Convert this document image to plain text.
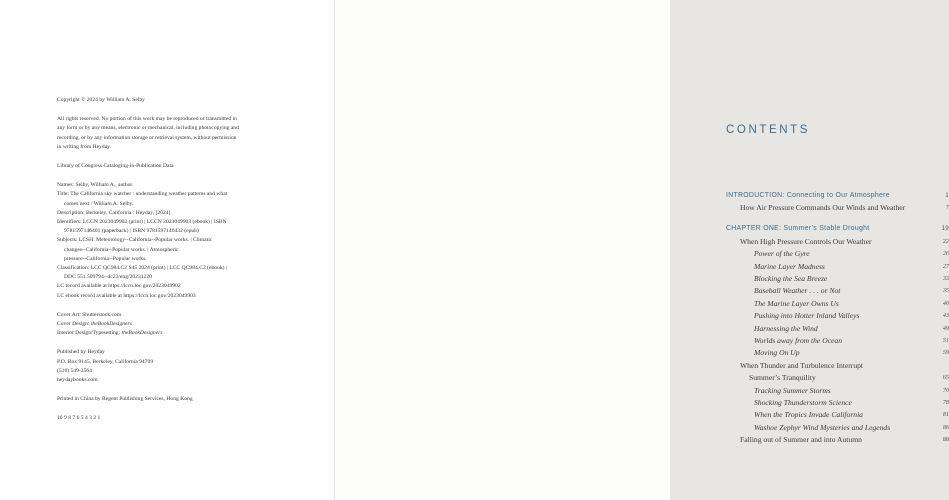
Copyright © 2024 by William A. Selby

All rights reserved. No portion of this work may be reproduced or transmitted in

any form or by any means, electronic or mechanical, including photocopying and

recording, or by any information storage or retrieval system, without permission

in writing from Heyday.

Library of Congress Cataloging-in-Publication Data

Names: Selby, William A., author.

Title: The California sky watcher : understanding weather patterns and what

comes next / William A. Selby.

Description: Berkeley, California : Heyday, [2024]

Identifiers: LCCN 2023049902 (print) | LCCN 2023049903 (ebook) | ISBN

9781597146401 (paperback) | ISBN 9781597146432 (epub)

Subjects: LCSH: Meteorology--California--Popular works. | Climatic

changes--California--Popular works. | Atmospheric

pressure--California--Popular works.

Classification: LCC QC984.C2 S45 2024 (print) | LCC QC984.C2 (ebook) |

DDC 551.509794--dc23/eng/20231220

LC record available at https://lccn.loc.gov/2023049902

LC ebook record available at https://lccn.loc.gov/2023049903

Cover Art: Shutterstock.com

Cover Design: theBookDesigners

Interior Design/Typesetting: theBookDesigners

Published by Heyday

P.O. Box 9145, Berkeley, California 94709

(510) 549-3564

heydaybooks.com

Printed in China by Regent Publishing Services, Hong Kong

10 9 8 7 6 5 4 3 2 1

CONTENTS
INTRODUCTION: Connecting to Our Atmosphere	1
How Air Pressure Commands Our Winds and Weather	7
CHAPTER ONE: Summer’s Stable Drought	19
When High Pressure Controls Our Weather	22
Power of the Gyre	26
Marine Layer Madness	27
Blocking the Sea Breeze	33
Baseball Weather . . . or Not	35
The Marine Layer Owns Us	40
Pushing into Hotter Inland Valleys	43
Harnessing the Wind	49
Worlds away from the Ocean	51
Moving On Up	59
When Thunder and Turbulence Interrupt
Summer’s Tranquility	65
Tracking Summer Storms	70
Shocking Thunderstorm Science	78
When the Tropics Invade California	81
Washoe Zephyr Wind Mysteries and Legends	86
Falling out of Summer and into Autumn	88
